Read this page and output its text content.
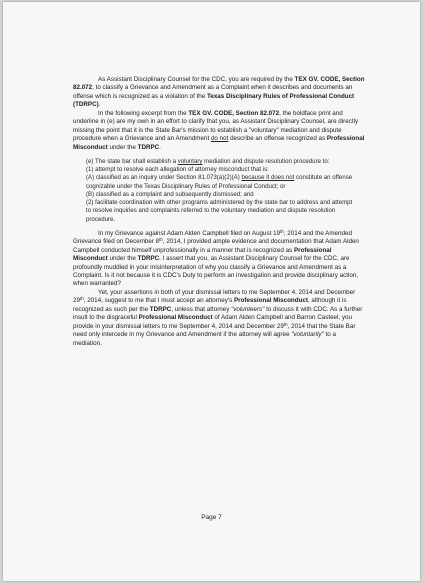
As Assistant Disciplinary Counsel for the CDC, you are required by the TEX GV. CODE, Section 82.072, to classify a Grievance and Amendment as a Complaint when it describes and documents an offense which is recognized as a violation of the Texas Disciplinary Rules of Professional Conduct (TDRPC).

In the following excerpt from the TEX GV. CODE, Section 82.072, the boldface print and underline in (e) are my own in an effort to clarify that you, as Assistant Disciplinary Counsel, are directly missing the point that it is the State Bar's mission to establish a "voluntary" mediation and dispute procedure when a Grievance and an Amendment do not describe an offense recognized as Professional Misconduct under the TDRPC.

(e) The state bar shall establish a voluntary mediation and dispute resolution procedure to:

(1) attempt to resolve each allegation of attorney misconduct that is:

(A) classified as an inquiry under Section 81.073(a)(2)(A) because it does not constitute an offense cognizable under the Texas Disciplinary Rules of Professional Conduct; or

(B) classified as a complaint and subsequently dismissed; and

(2) facilitate coordination with other programs administered by the state bar to address and attempt to resolve inquiries and complaints referred to the voluntary mediation and dispute resolution procedure.

In my Grievance against Adam Alden Campbell filed on August 19th, 2014 and the Amended Grievance filed on December 8th, 2014, I provided ample evidence and documentation that Adam Alden Campbell conducted himself unprofessionally in a manner that is recognized as Professional Misconduct under the TDRPC. I assert that you, as Assistant Disciplinary Counsel for the CDC, are profoundly muddled in your misinterpretation of why you classify a Grievance and Amendment as a Complaint. Is it not because it is CDC's Duty to perform an investigation and provide disciplinary action, when warranted?

Yet, your assertions in both of your dismissal letters to me September 4, 2014 and December 29th, 2014, suggest to me that I must accept an attorney's Professional Misconduct, although it is recognized as such per the TDRPC, unless that attorney "volunteers" to discuss it with CDC. As a further insult to the disgraceful Professional Misconduct of Adam Alden Campbell and Barron Casteel, you provide in your dismissal letters to me September 4, 2014 and December 29th, 2014 that the State Bar need only intercede in my Grievance and Amendment if the attorney will agree "voluntarily" to a mediation.

Page 7
